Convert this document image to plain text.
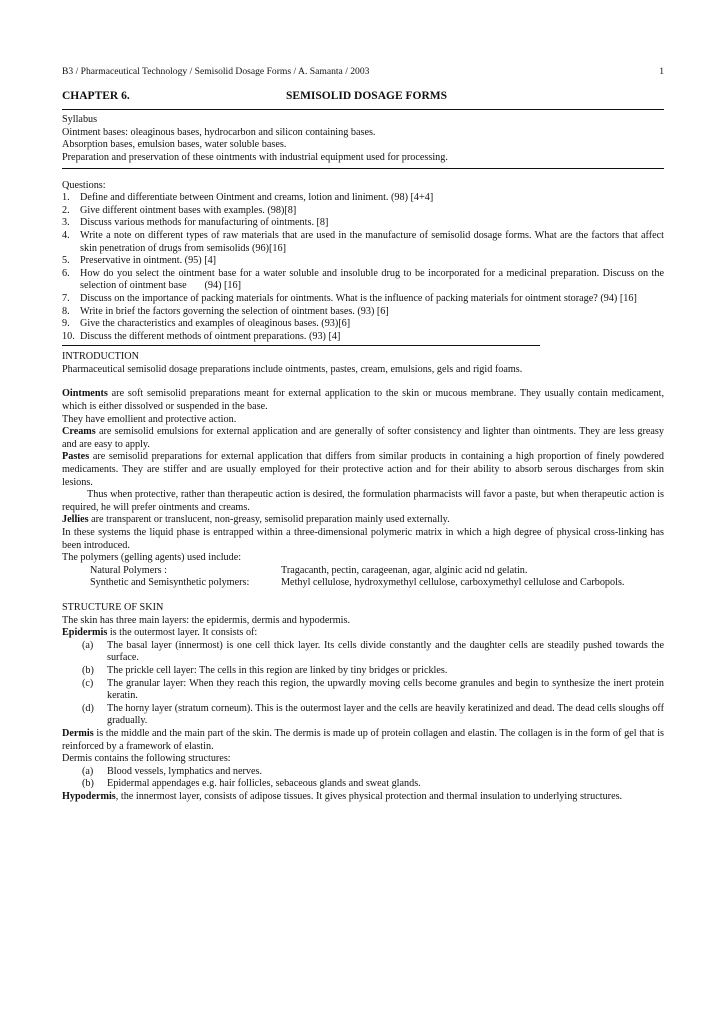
B3 / Pharmaceutical Technology / Semisolid Dosage Forms / A. Samanta / 2003	1
CHAPTER 6.	SEMISOLID DOSAGE FORMS
Syllabus
Ointment bases: oleaginous bases, hydrocarbon and silicon containing bases.
Absorption bases, emulsion bases, water soluble bases.
Preparation and preservation of these ointments with industrial equipment used for processing.
Questions:
1.	Define and differentiate between Ointment and creams, lotion and liniment. (98) [4+4]
2.	Give different ointment bases with examples. (98)[8]
3.	Discuss various methods for manufacturing of ointments. [8]
4.	Write a note on different types of raw materials that are used in the manufacture of semisolid dosage forms. What are the factors that affect skin penetration of drugs from semisolids (96)[16]
5.	Preservative in ointment. (95) [4]
6.	How do you select the ointment base for a water soluble and insoluble drug to be incorporated for a medicinal preparation. Discuss on the selection of ointment base       (94) [16]
7.	Discuss on the importance of packing materials for ointments. What is the influence of packing materials for ointment storage? (94) [16]
8.	Write in brief the factors governing the selection of ointment bases. (93) [6]
9.	Give the characteristics and examples of oleaginous bases. (93)[6]
10. Discuss the different methods of ointment preparations. (93) [4]
INTRODUCTION

Pharmaceutical semisolid dosage preparations include ointments, pastes, cream, emulsions, gels and rigid foams.

Ointments are soft semisolid preparations meant for external application to the skin or mucous membrane. They usually contain medicament, which is either dissolved or suspended in the base.

They have emollient and protective action.

Creams are semisolid emulsions for external application and are generally of softer consistency and lighter than ointments. They are less greasy and are easy to apply.

Pastes are semisolid preparations for external application that differs from similar products in containing a high proportion of finely powdered medicaments. They are stiffer and are usually employed for their protective action and for their ability to absorb serous discharges from skin lesions.

Thus when protective, rather than therapeutic action is desired, the formulation pharmacists will favor a paste, but when therapeutic action is required, he will prefer ointments and creams.

Jellies are transparent or translucent, non-greasy, semisolid preparation mainly used externally.

In these systems the liquid phase is entrapped within a three-dimensional polymeric matrix in which a high degree of physical cross-linking has been introduced.

The polymers (gelling agents) used include:

Natural Polymers :	Tragacanth, pectin, carageenan, agar, alginic acid nd gelatin.
Synthetic and Semisynthetic polymers:	Methyl cellulose, hydroxymethyl cellulose, carboxymethyl cellulose and Carbopols.
STRUCTURE OF SKIN

The skin has three main layers: the epidermis, dermis and hypodermis.

Epidermis is the outermost layer. It consists of:

(a)	The basal layer (innermost) is one cell thick layer. Its cells divide constantly and the daughter cells are steadily pushed towards the surface.
(b)	The prickle cell layer: The cells in this region are linked by tiny bridges or prickles.
(c)	The granular layer: When they reach this region, the upwardly moving cells become granules and begin to synthesize the inert protein keratin.
(d)	The horny layer (stratum corneum). This is the outermost layer and the cells are heavily keratinized and dead. The dead cells sloughs off gradually.

Dermis is the middle and the main part of the skin. The dermis is made up of protein collagen and elastin. The collagen is in the form of gel that is reinforced by a framework of elastin.

Dermis contains the following structures:

(a)	Blood vessels, lymphatics and nerves.
(b)	Epidermal appendages e.g. hair follicles, sebaceous glands and sweat glands.

Hypodermis, the innermost layer, consists of adipose tissues. It gives physical protection and thermal insulation to underlying structures.
